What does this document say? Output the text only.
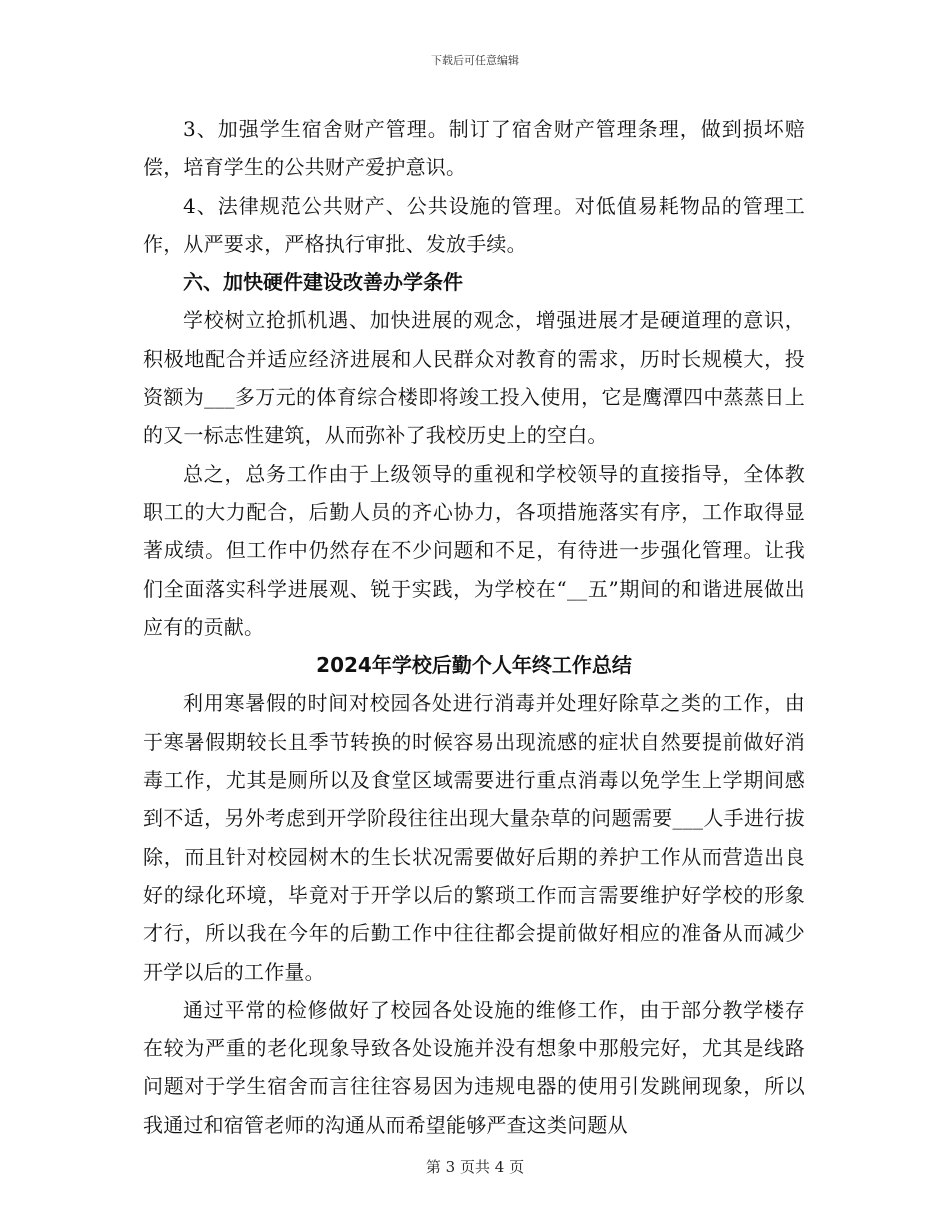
下载后可任意编辑

3、加强学生宿舍财产管理。制订了宿舍财产管理条理，做到损坏赔偿，培育学生的公共财产爱护意识。

4、法律规范公共财产、公共设施的管理。对低值易耗物品的管理工作，从严要求，严格执行审批、发放手续。

六、加快硬件建设改善办学条件

学校树立抢抓机遇、加快进展的观念，增强进展才是硬道理的意识，积极地配合并适应经济进展和人民群众对教育的需求，历时长规模大，投资额为___多万元的体育综合楼即将竣工投入使用，它是鹰潭四中蒸蒸日上的又一标志性建筑，从而弥补了我校历史上的空白。

总之，总务工作由于上级领导的重视和学校领导的直接指导，全体教职工的大力配合，后勤人员的齐心协力，各项措施落实有序，工作取得显著成绩。但工作中仍然存在不少问题和不足，有待进一步强化管理。让我们全面落实科学进展观、锐于实践，为学校在“__五”期间的和谐进展做出应有的贡献。

2024年学校后勤个人年终工作总结

利用寒暑假的时间对校园各处进行消毒并处理好除草之类的工作，由于寒暑假期较长且季节转换的时候容易出现流感的症状自然要提前做好消毒工作，尤其是厕所以及食堂区域需要进行重点消毒以免学生上学期间感到不适，另外考虑到开学阶段往往出现大量杂草的问题需要___人手进行拔除，而且针对校园树木的生长状况需要做好后期的养护工作从而营造出良好的绿化环境，毕竟对于开学以后的繁琐工作而言需要维护好学校的形象才行，所以我在今年的后勤工作中往往都会提前做好相应的准备从而减少开学以后的工作量。

通过平常的检修做好了校园各处设施的维修工作，由于部分教学楼存在较为严重的老化现象导致各处设施并没有想象中那般完好，尤其是线路问题对于学生宿舍而言往往容易因为违规电器的使用引发跳闸现象，所以我通过和宿管老师的沟通从而希望能够严查这类问题从

第 3 页共 4 页
